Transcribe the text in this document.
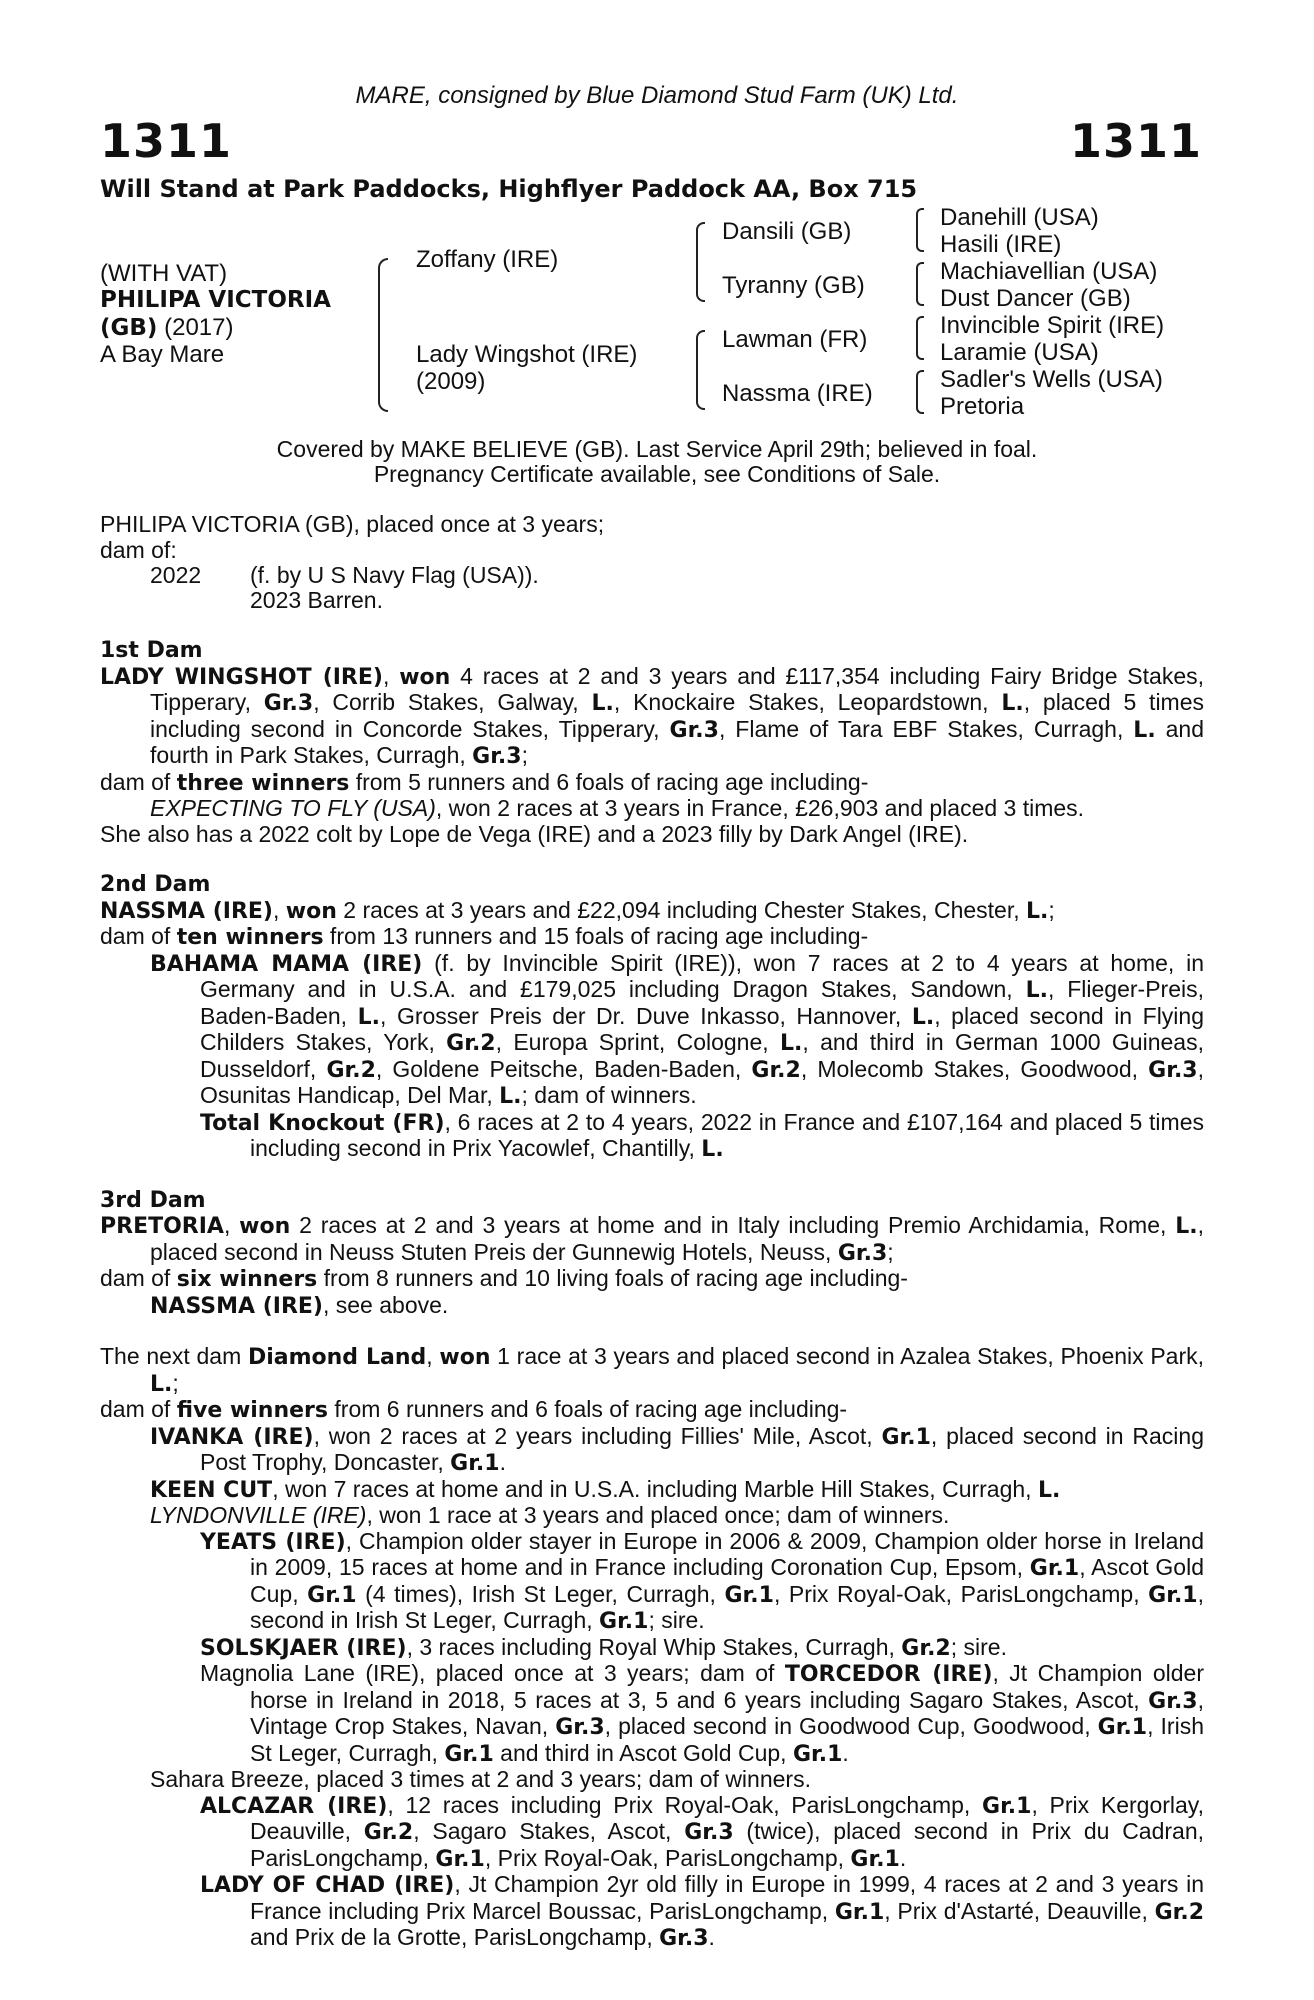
MARE, consigned by Blue Diamond Stud Farm (UK) Ltd.
1311	1311
Will Stand at Park Paddocks, Highflyer Paddock AA, Box 715
(WITH VAT)
PHILIPA VICTORIA
(GB) (2017)
A Bay Mare
Zoffany (IRE)
Lady Wingshot (IRE)
(2009)
Dansili (GB)
Tyranny (GB)
Lawman (FR)
Nassma (IRE)
Danehill (USA)
Hasili (IRE)
Machiavellian (USA)
Dust Dancer (GB)
Invincible Spirit (IRE)
Laramie (USA)
Sadler's Wells (USA)
Pretoria
Covered by MAKE BELIEVE (GB). Last Service April 29th; believed in foal.
Pregnancy Certificate available, see Conditions of Sale.
PHILIPA VICTORIA (GB), placed once at 3 years;
dam of:
2022 (f. by U S Navy Flag (USA)).
2023 Barren.
1st Dam
LADY WINGSHOT (IRE), won 4 races at 2 and 3 years and £117,354 including Fairy Bridge Stakes, Tipperary, Gr.3, Corrib Stakes, Galway, L., Knockaire Stakes, Leopardstown, L., placed 5 times including second in Concorde Stakes, Tipperary, Gr.3, Flame of Tara EBF Stakes, Curragh, L. and fourth in Park Stakes, Curragh, Gr.3;
dam of three winners from 5 runners and 6 foals of racing age including-
EXPECTING TO FLY (USA), won 2 races at 3 years in France, £26,903 and placed 3 times.
She also has a 2022 colt by Lope de Vega (IRE) and a 2023 filly by Dark Angel (IRE).
2nd Dam
NASSMA (IRE), won 2 races at 3 years and £22,094 including Chester Stakes, Chester, L.;
dam of ten winners from 13 runners and 15 foals of racing age including-
BAHAMA MAMA (IRE) (f. by Invincible Spirit (IRE)), won 7 races at 2 to 4 years at home, in Germany and in U.S.A. and £179,025 including Dragon Stakes, Sandown, L., Flieger-Preis, Baden-Baden, L., Grosser Preis der Dr. Duve Inkasso, Hannover, L., placed second in Flying Childers Stakes, York, Gr.2, Europa Sprint, Cologne, L., and third in German 1000 Guineas, Dusseldorf, Gr.2, Goldene Peitsche, Baden-Baden, Gr.2, Molecomb Stakes, Goodwood, Gr.3, Osunitas Handicap, Del Mar, L.; dam of winners.
Total Knockout (FR), 6 races at 2 to 4 years, 2022 in France and £107,164 and placed 5 times including second in Prix Yacowlef, Chantilly, L.
3rd Dam
PRETORIA, won 2 races at 2 and 3 years at home and in Italy including Premio Archidamia, Rome, L., placed second in Neuss Stuten Preis der Gunnewig Hotels, Neuss, Gr.3;
dam of six winners from 8 runners and 10 living foals of racing age including-
NASSMA (IRE), see above.
The next dam Diamond Land, won 1 race at 3 years and placed second in Azalea Stakes, Phoenix Park, L.;
dam of five winners from 6 runners and 6 foals of racing age including-
IVANKA (IRE), won 2 races at 2 years including Fillies' Mile, Ascot, Gr.1, placed second in Racing Post Trophy, Doncaster, Gr.1.
KEEN CUT, won 7 races at home and in U.S.A. including Marble Hill Stakes, Curragh, L.
LYNDONVILLE (IRE), won 1 race at 3 years and placed once; dam of winners.
YEATS (IRE), Champion older stayer in Europe in 2006 & 2009, Champion older horse in Ireland in 2009, 15 races at home and in France including Coronation Cup, Epsom, Gr.1, Ascot Gold Cup, Gr.1 (4 times), Irish St Leger, Curragh, Gr.1, Prix Royal-Oak, ParisLongchamp, Gr.1, second in Irish St Leger, Curragh, Gr.1; sire.
SOLSKJAER (IRE), 3 races including Royal Whip Stakes, Curragh, Gr.2; sire.
Magnolia Lane (IRE), placed once at 3 years; dam of TORCEDOR (IRE), Jt Champion older horse in Ireland in 2018, 5 races at 3, 5 and 6 years including Sagaro Stakes, Ascot, Gr.3, Vintage Crop Stakes, Navan, Gr.3, placed second in Goodwood Cup, Goodwood, Gr.1, Irish St Leger, Curragh, Gr.1 and third in Ascot Gold Cup, Gr.1.
Sahara Breeze, placed 3 times at 2 and 3 years; dam of winners.
ALCAZAR (IRE), 12 races including Prix Royal-Oak, ParisLongchamp, Gr.1, Prix Kergorlay, Deauville, Gr.2, Sagaro Stakes, Ascot, Gr.3 (twice), placed second in Prix du Cadran, ParisLongchamp, Gr.1, Prix Royal-Oak, ParisLongchamp, Gr.1.
LADY OF CHAD (IRE), Jt Champion 2yr old filly in Europe in 1999, 4 races at 2 and 3 years in France including Prix Marcel Boussac, ParisLongchamp, Gr.1, Prix d'Astarté, Deauville, Gr.2 and Prix de la Grotte, ParisLongchamp, Gr.3.
